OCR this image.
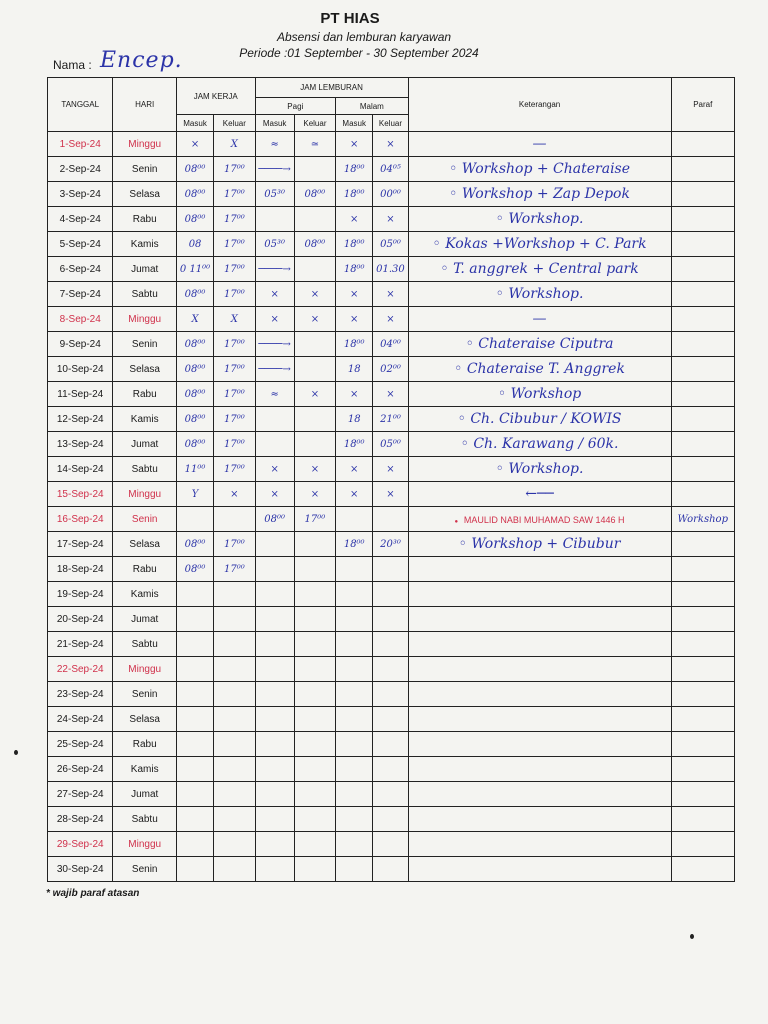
PT HIAS
Absensi dan lemburan karyawan
Periode :01 September - 30 September 2024
Nama : Encep.
TANGGAL	HARI	JAM KERJA		JAM LEMBURAN				Keterangan	Paraf
				Pagi		Malam			
		Masuk	Keluar	Masuk	Keluar	Masuk	Keluar		
1-Sep-24	Minggu	×	X	≈	≃	×	×	—	
2-Sep-24	Senin	08⁰⁰	17⁰⁰	────→		18⁰⁰	04⁰⁵	◦ Workshop + Chateraise	
3-Sep-24	Selasa	08⁰⁰	17⁰⁰	05³⁰	08⁰⁰	18⁰⁰	00⁰⁰	◦ Workshop + Zap Depok	
4-Sep-24	Rabu	08⁰⁰	17⁰⁰			×	×	◦ Workshop.	
5-Sep-24	Kamis	08	17⁰⁰	05³⁰	08⁰⁰	18⁰⁰	05⁰⁰	◦ Kokas +Workshop + C. Park	
6-Sep-24	Jumat	0 11⁰⁰	17⁰⁰	────→		18⁰⁰	01.30	◦ T. anggrek + Central park	
7-Sep-24	Sabtu	08⁰⁰	17⁰⁰	×	×	×	×	◦ Workshop.	
8-Sep-24	Minggu	X	X	×	×	×	×	—	
9-Sep-24	Senin	08⁰⁰	17⁰⁰	────→		18⁰⁰	04⁰⁰	◦ Chateraise Ciputra	
10-Sep-24	Selasa	08⁰⁰	17⁰⁰	────→		18	02⁰⁰	◦ Chateraise T. Anggrek	
11-Sep-24	Rabu	08⁰⁰	17⁰⁰	≈	×	×	×	◦ Workshop	
12-Sep-24	Kamis	08⁰⁰	17⁰⁰			18	21⁰⁰	◦ Ch. Cibubur / KOWIS	
13-Sep-24	Jumat	08⁰⁰	17⁰⁰			18⁰⁰	05⁰⁰	◦ Ch. Karawang / 60k.	
14-Sep-24	Sabtu	11⁰⁰	17⁰⁰	×	×	×	×	◦ Workshop.	
15-Sep-24	Minggu	Y	×	×	×	×	×	←──	
16-Sep-24	Senin			08⁰⁰	17⁰⁰			● MAULID NABI MUHAMAD SAW 1446 H	Workshop
17-Sep-24	Selasa	08⁰⁰	17⁰⁰			18⁰⁰	20³⁰	◦ Workshop + Cibubur	
18-Sep-24	Rabu	08⁰⁰	17⁰⁰						
19-Sep-24	Kamis								
20-Sep-24	Jumat								
21-Sep-24	Sabtu								
22-Sep-24	Minggu								
23-Sep-24	Senin								
24-Sep-24	Selasa								
25-Sep-24	Rabu								
26-Sep-24	Kamis								
27-Sep-24	Jumat								
28-Sep-24	Sabtu								
29-Sep-24	Minggu								
30-Sep-24	Senin								
* wajib paraf atasan
